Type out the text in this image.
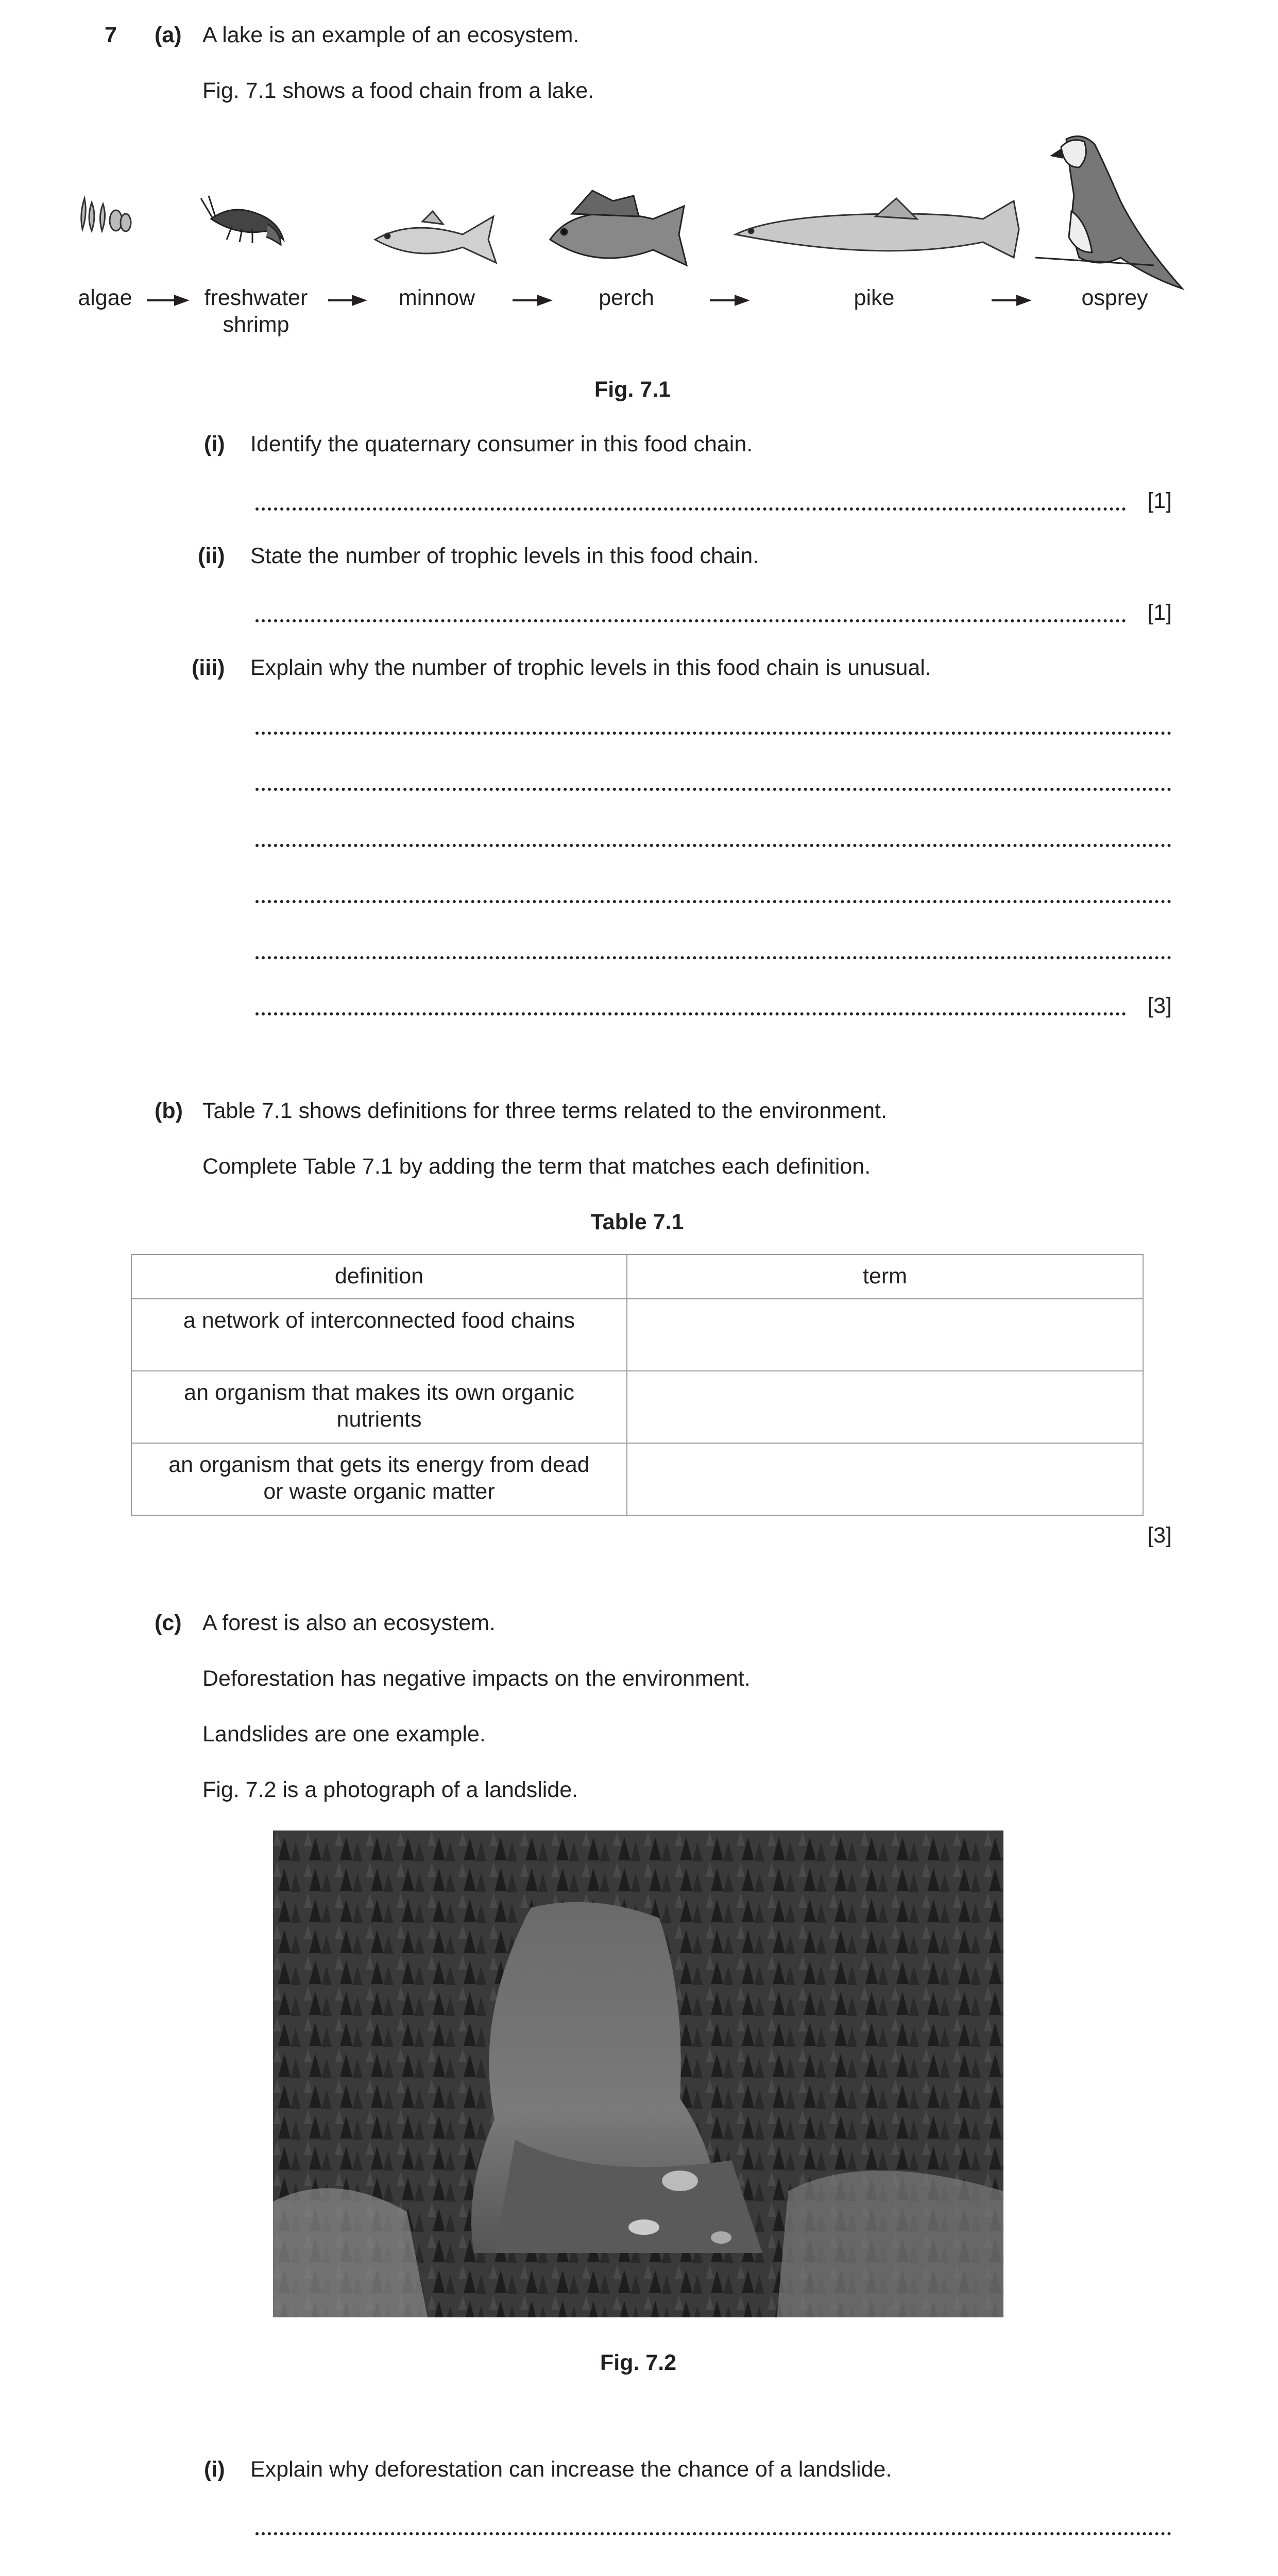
7 (a) A lake is an example of an ecosystem.
Fig. 7.1 shows a food chain from a lake.
algae	freshwater
shrimp
minnow	perch	pike	osprey
Fig. 7.1
(i) Identify the quaternary consumer in this food chain.
[1]
(ii) State the number of trophic levels in this food chain.
[1]
(iii) Explain why the number of trophic levels in this food chain is unusual.
[3]
(b) Table 7.1 shows definitions for three terms related to the environment.
Complete Table 7.1 by adding the term that matches each definition.
Table 7.1
definition	term

a network of interconnected food chains	

an organism that makes its own organic
nutrients	

an organism that gets its energy from dead
or waste organic matter	

[3]
(c) A forest is also an ecosystem.
Deforestation has negative impacts on the environment.
Landslides are one example.
Fig. 7.2 is a photograph of a landslide.
Fig. 7.2
(i) Explain why deforestation can increase the chance of a landslide.
